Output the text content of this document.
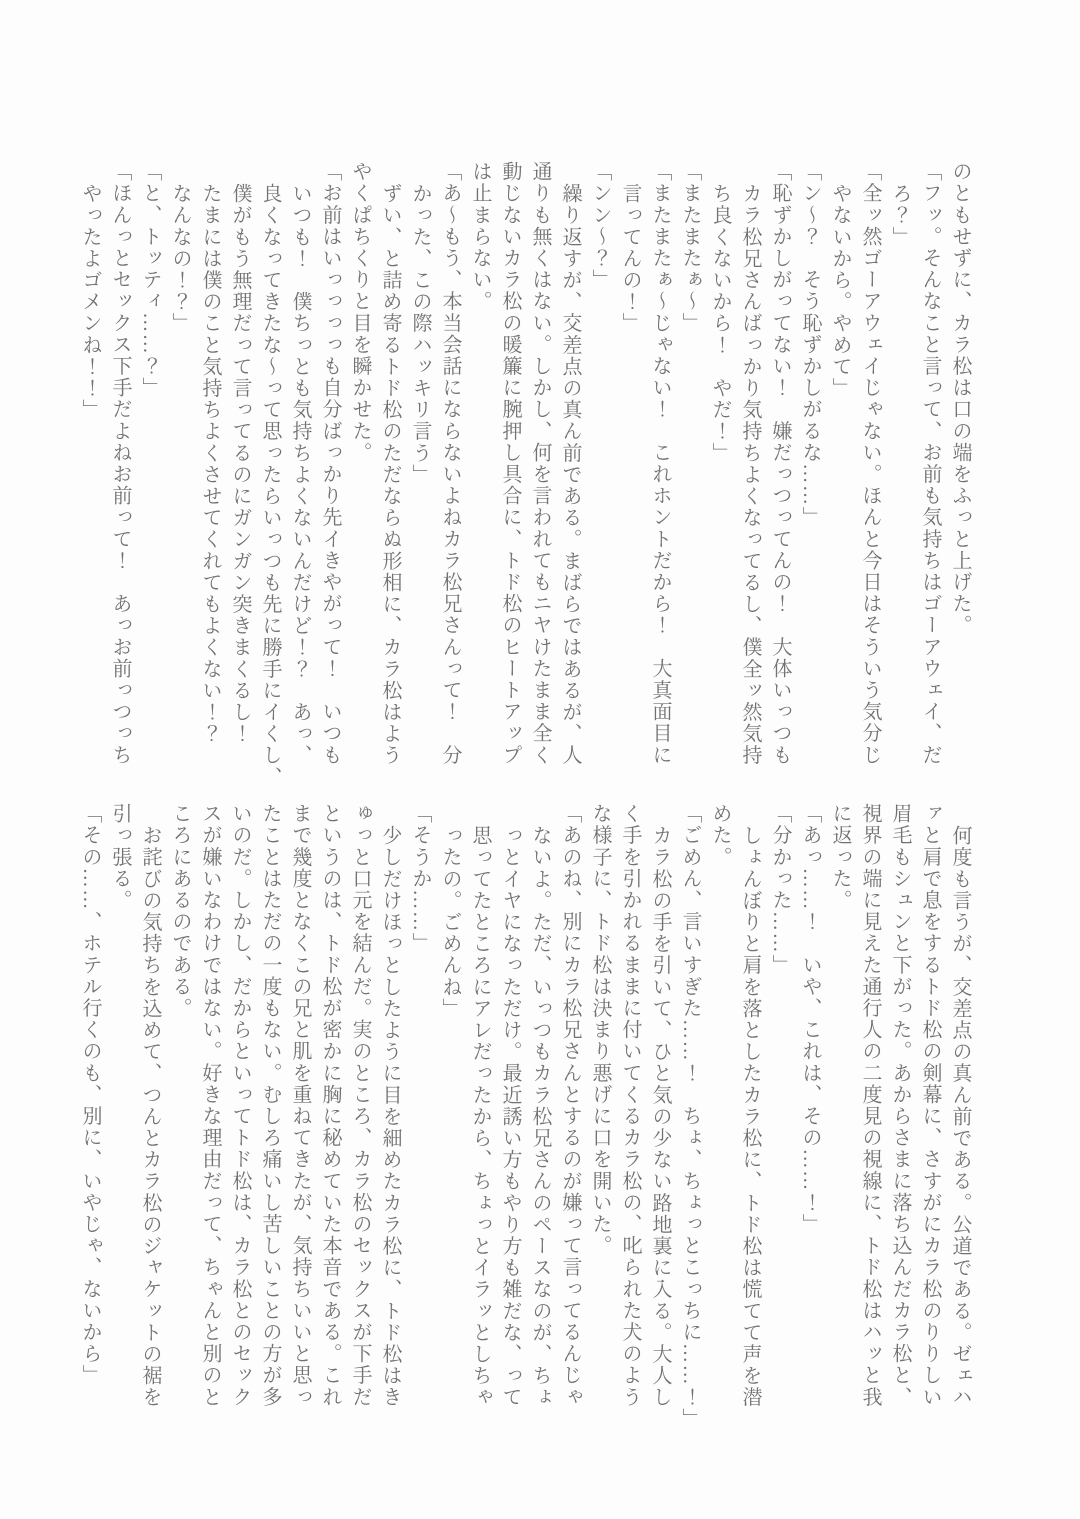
のともせずに、カラ松は口の端をふっと上げた。
「フッ。そんなこと言って、お前も気持ちはゴーアウェイ、だ
ろ？」
「全ッ然ゴーアウェイじゃない。ほんと今日はそういう気分じ
やないから。やめて」
「ン～？　そう恥ずかしがるな……」
「恥ずかしがってない！　嫌だっつってんの！　大体いっつも
カラ松兄さんばっかり気持ちよくなってるし、僕全ッ然気持
ち良くないから！　やだ！」
「またまたぁ～」
「またまたぁ～じゃない！　これホントだから！　大真面目に
言ってんの！」
「ンン～？」
繰り返すが、交差点の真ん前である。まばらではあるが、人
通りも無くはない。しかし、何を言われてもニヤけたまま全く
動じないカラ松の暖簾に腕押し具合に、トド松のヒートアップ
は止まらない。
「あ～もう、本当会話にならないよねカラ松兄さんって！　分
かった、この際ハッキリ言う」
ずい、と詰め寄るトド松のただならぬ形相に、カラ松はよう
やくぱちくりと目を瞬かせた。
「お前はいっっっっも自分ばっかり先イきやがって！　いつも
いつも！　僕ちっとも気持ちよくないんだけど！？　あっ、
良くなってきたな～って思ったらいっつも先に勝手にイくし、
僕がもう無理だって言ってるのにガンガン突きまくるし！
たまには僕のこと気持ちよくさせてくれてもよくない！？
なんなの！？」
「と、トッティ……？」
「ほんっとセックス下手だよねお前って！　あっお前っつっち
やったよゴメンね！！」
何度も言うが、交差点の真ん前である。公道である。ゼェハ
ァと肩で息をするトド松の剣幕に、さすがにカラ松のりりしい
眉毛もシュンと下がった。あからさまに落ち込んだカラ松と、
視界の端に見えた通行人の二度見の視線に、トド松はハッと我
に返った。
「あっ……！　いや、これは、その……！」
「分かった……」
しょんぼりと肩を落としたカラ松に、トド松は慌てて声を潜
めた。
「ごめん、言いすぎた……！　ちょ、ちょっとこっちに……！」
カラ松の手を引いて、ひと気の少ない路地裏に入る。大人し
く手を引かれるままに付いてくるカラ松の、叱られた犬のよう
な様子に、トド松は決まり悪げに口を開いた。
「あのね、別にカラ松兄さんとするのが嫌って言ってるんじゃ
ないよ。ただ、いっつもカラ松兄さんのペースなのが、ちょ
っとイヤになっただけ。最近誘い方もやり方も雑だな、って
思ってたところにアレだったから、ちょっとイラッとしちゃ
ったの。ごめんね」
「そうか……」
少しだけほっとしたように目を細めたカラ松に、トド松はき
ゅっと口元を結んだ。実のところ、カラ松のセックスが下手だ
というのは、トド松が密かに胸に秘めていた本音である。これ
まで幾度となくこの兄と肌を重ねてきたが、気持ちいいと思っ
たことはただの一度もない。むしろ痛いし苦しいことの方が多
いのだ。しかし、だからといってトド松は、カラ松とのセック
スが嫌いなわけではない。好きな理由だって、ちゃんと別のと
ころにあるのである。
お詫びの気持ちを込めて、つんとカラ松のジャケットの裾を
引っ張る。
「その……、ホテル行くのも、別に、いやじゃ、ないから」
